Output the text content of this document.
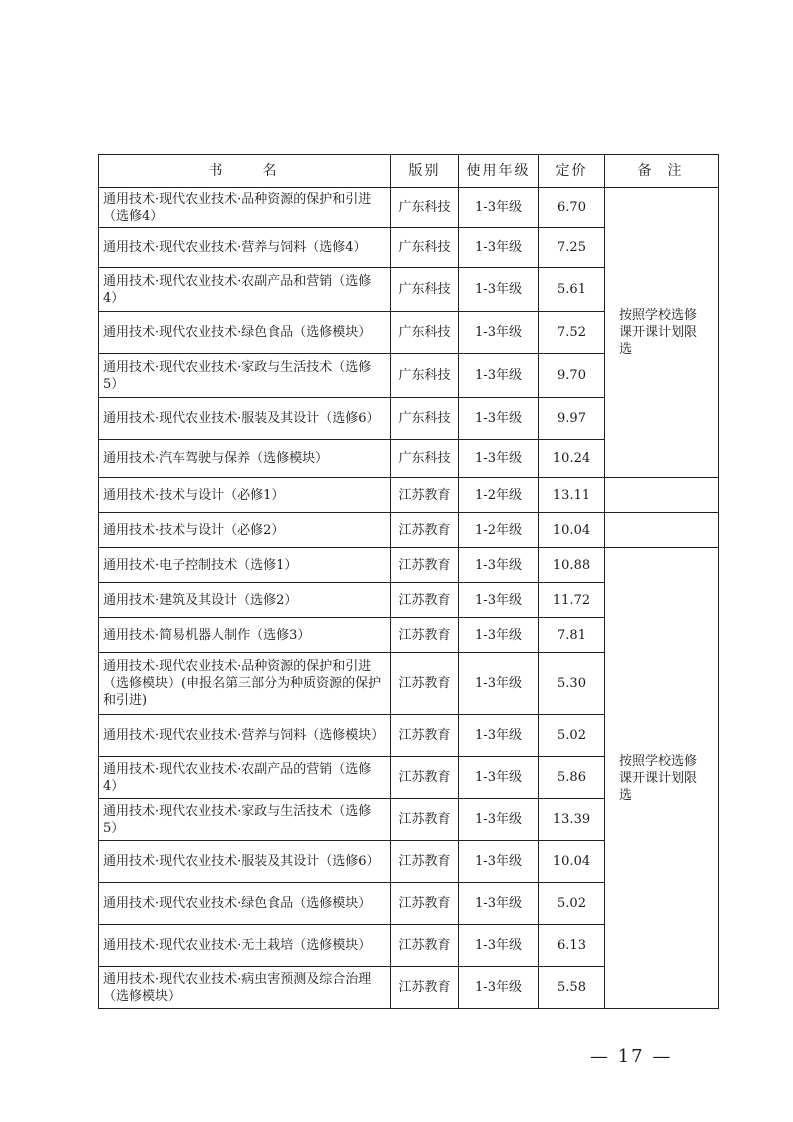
书名	版别	使用年级	定价	备注
通用技术·现代农业技术·品种资源的保护和引进（选修4）	广东科技	1-3年级	6.70	按照学校选修课开课计划限选
通用技术·现代农业技术·营养与饲料（选修4）	广东科技	1-3年级	7.25	
通用技术·现代农业技术·农副产品和营销（选修4）	广东科技	1-3年级	5.61	
通用技术·现代农业技术·绿色食品（选修模块）	广东科技	1-3年级	7.52	
通用技术·现代农业技术·家政与生活技术（选修5）	广东科技	1-3年级	9.70	
通用技术·现代农业技术·服装及其设计（选修6）	广东科技	1-3年级	9.97	
通用技术·汽车驾驶与保养（选修模块）	广东科技	1-3年级	10.24	
通用技术·技术与设计（必修1）	江苏教育	1-2年级	13.11	
通用技术·技术与设计（必修2）	江苏教育	1-2年级	10.04	
通用技术·电子控制技术（选修1）	江苏教育	1-3年级	10.88	按照学校选修课开课计划限选
通用技术·建筑及其设计（选修2）	江苏教育	1-3年级	11.72	
通用技术·简易机器人制作（选修3）	江苏教育	1-3年级	7.81	
通用技术·现代农业技术·品种资源的保护和引进（选修模块）(申报名第三部分为种质资源的保护和引进)	江苏教育	1-3年级	5.30	
通用技术·现代农业技术·营养与饲料（选修模块）	江苏教育	1-3年级	5.02	
通用技术·现代农业技术·农副产品的营销（选修4）	江苏教育	1-3年级	5.86	
通用技术·现代农业技术·家政与生活技术（选修5）	江苏教育	1-3年级	13.39	
通用技术·现代农业技术·服装及其设计（选修6）	江苏教育	1-3年级	10.04	
通用技术·现代农业技术·绿色食品（选修模块）	江苏教育	1-3年级	5.02	
通用技术·现代农业技术·无土栽培（选修模块）	江苏教育	1-3年级	6.13	
通用技术·现代农业技术·病虫害预测及综合治理（选修模块）	江苏教育	1-3年级	5.58	
— 17 —
